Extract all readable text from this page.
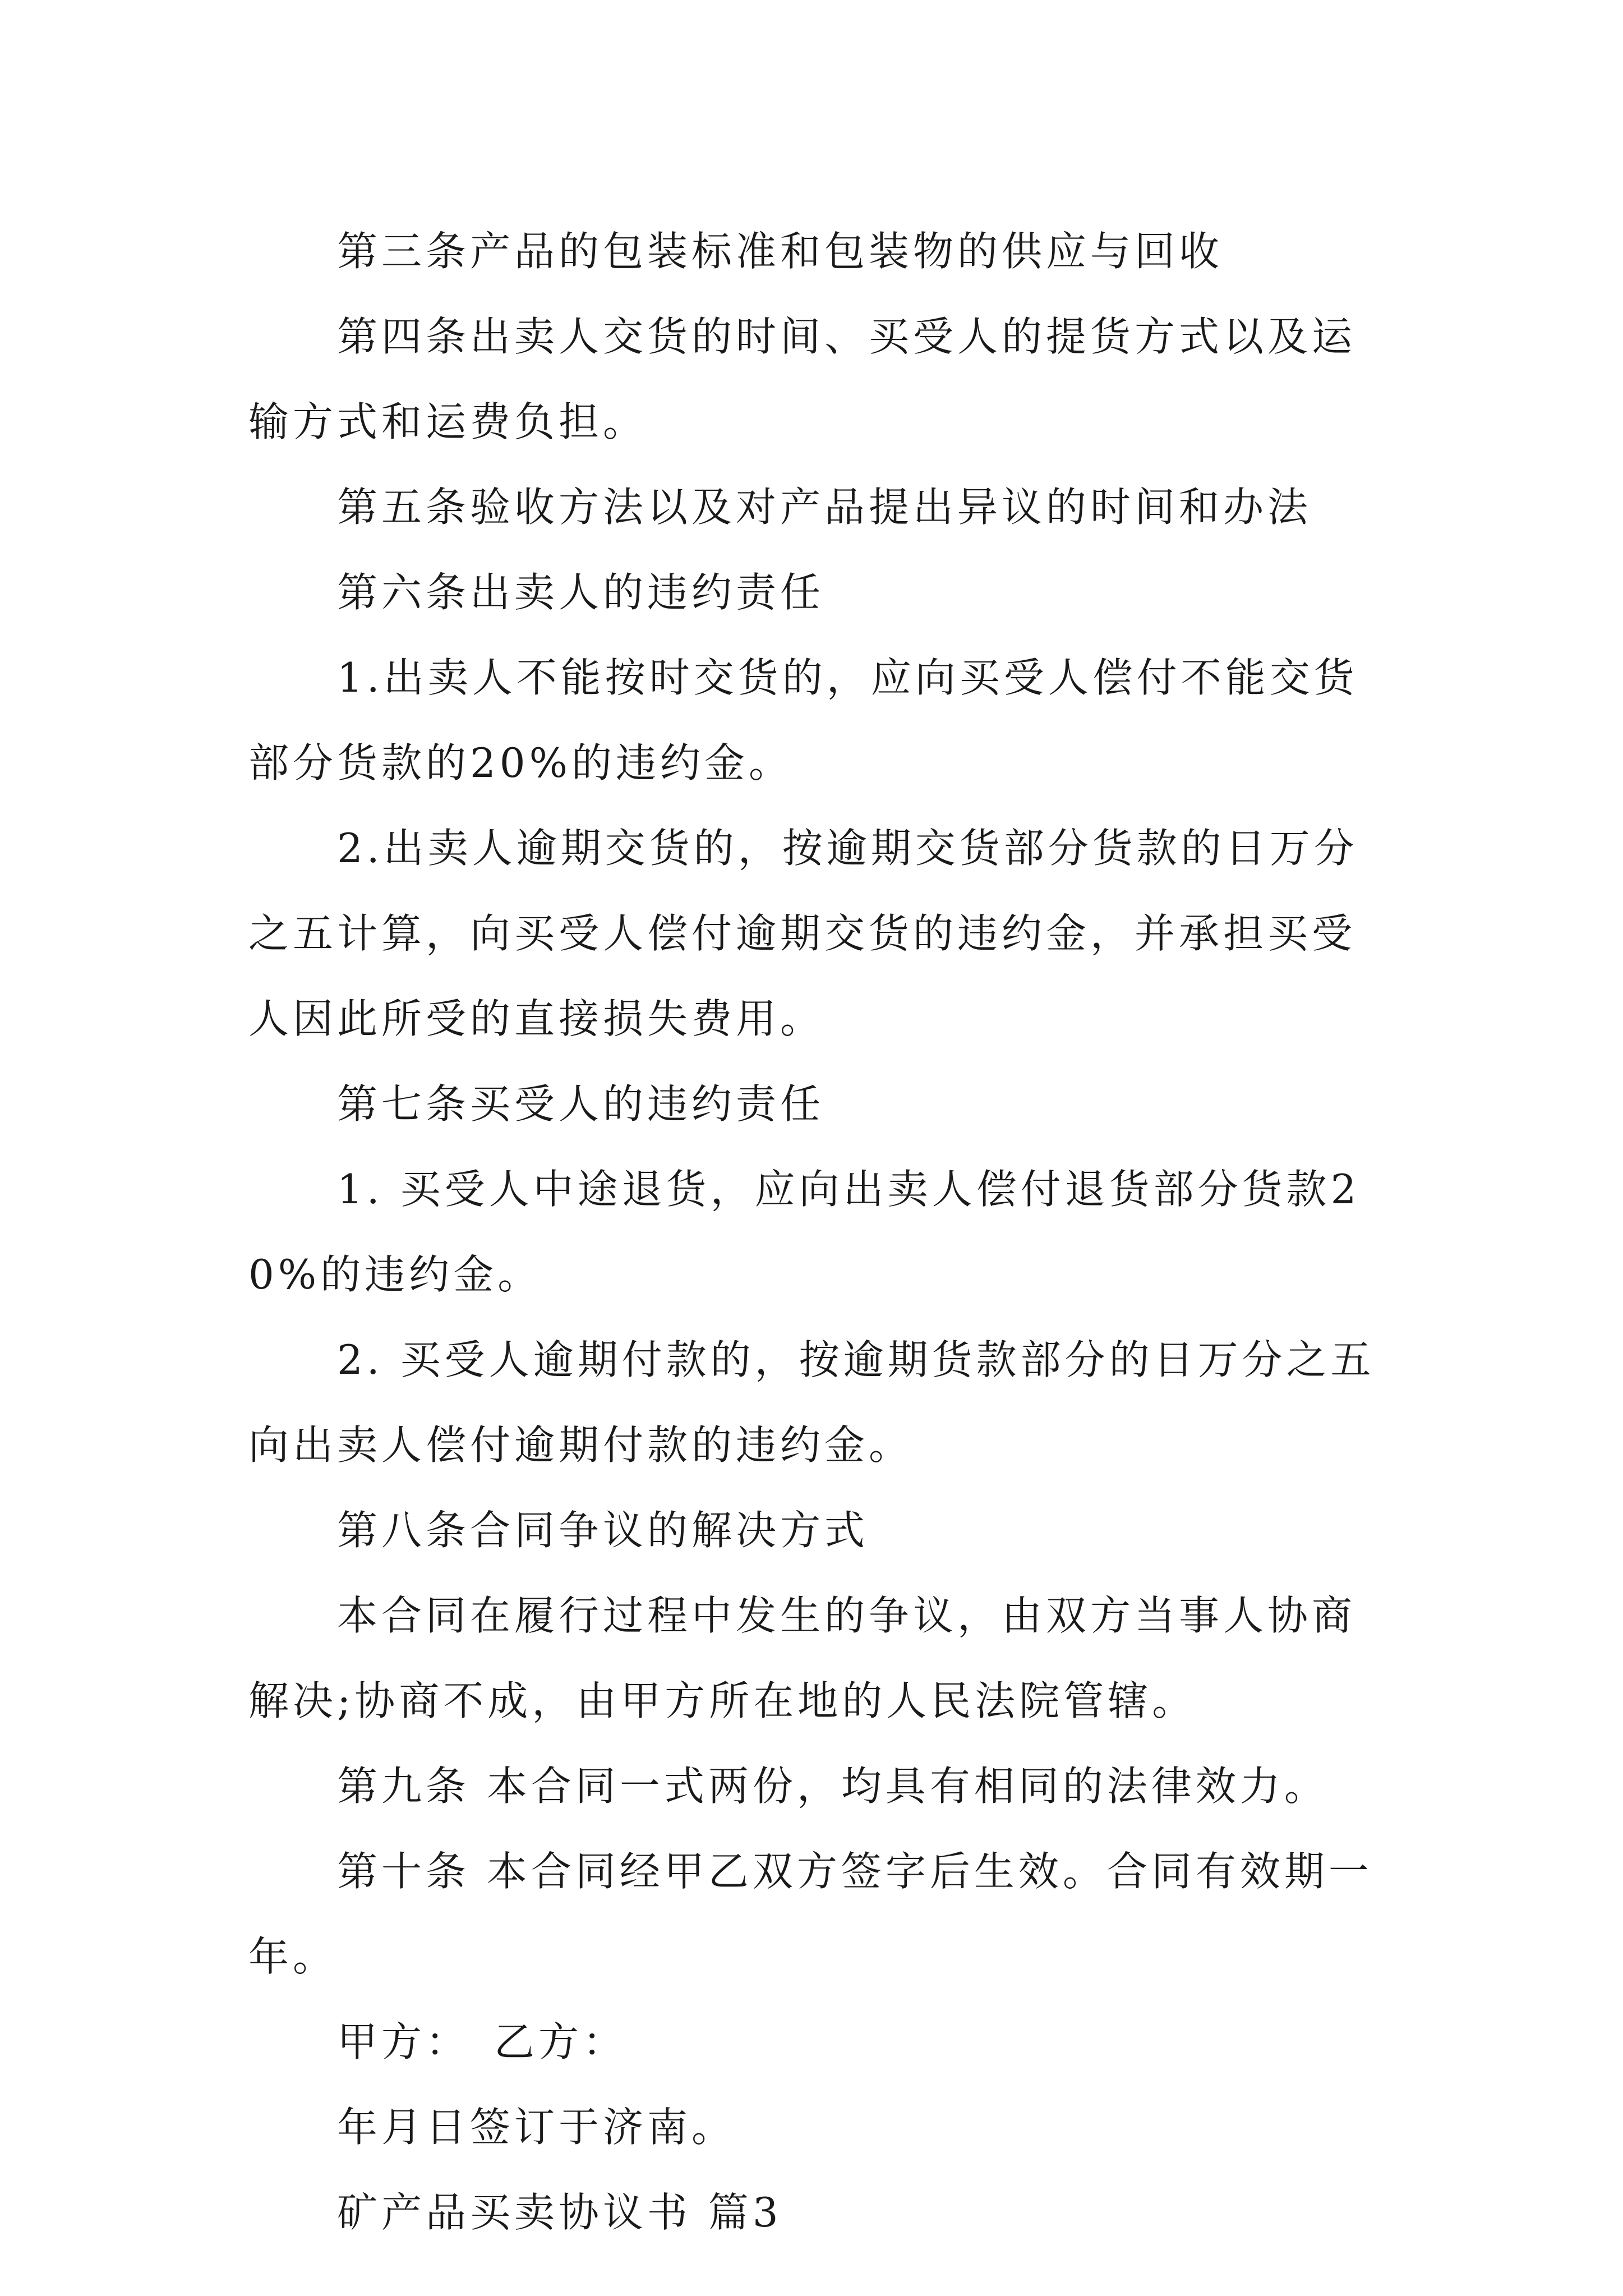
第三条产品的包装标准和包装物的供应与回收

第四条出卖人交货的时间、买受人的提货方式以及运输方式和运费负担。

第五条验收方法以及对产品提出异议的时间和办法

第六条出卖人的违约责任

1.出卖人不能按时交货的，应向买受人偿付不能交货部分货款的20%的违约金。

2.出卖人逾期交货的，按逾期交货部分货款的日万分之五计算，向买受人偿付逾期交货的违约金，并承担买受人因此所受的直接损失费用。

第七条买受人的违约责任

1. 买受人中途退货，应向出卖人偿付退货部分货款20%的违约金。

2. 买受人逾期付款的，按逾期货款部分的日万分之五向出卖人偿付逾期付款的违约金。

第八条合同争议的解决方式

本合同在履行过程中发生的争议，由双方当事人协商解决;协商不成，由甲方所在地的人民法院管辖。

第九条 本合同一式两份，均具有相同的法律效力。

第十条 本合同经甲乙双方签字后生效。合同有效期一年。

甲方：　乙方：

年月日签订于济南。

矿产品买卖协议书 篇3
